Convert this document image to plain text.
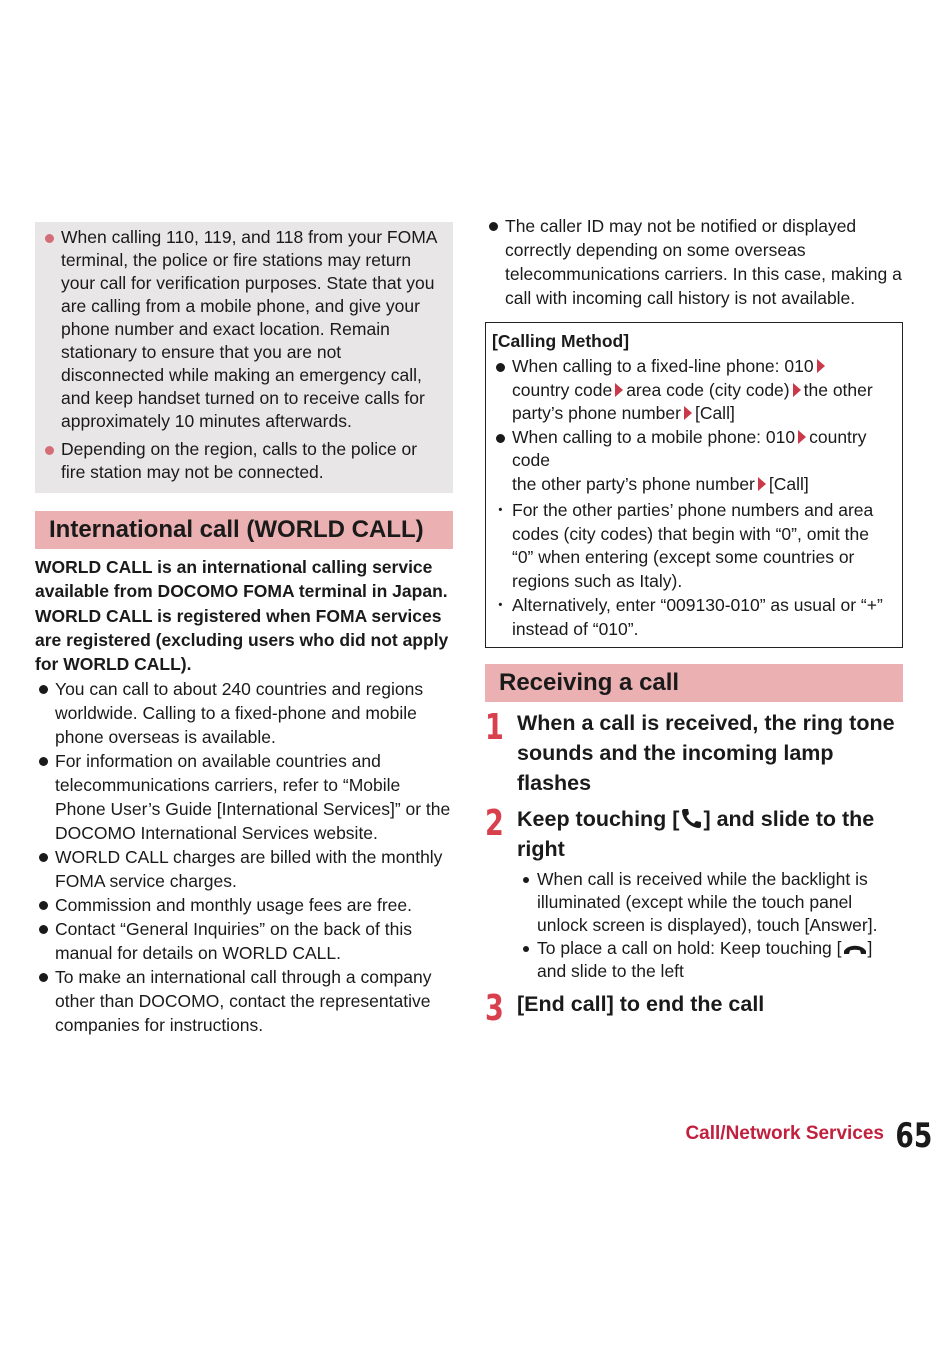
When calling 110, 119, and 118 from your FOMA terminal, the police or fire stations may return your call for verification purposes. State that you are calling from a mobile phone, and give your phone number and exact location. Remain stationary to ensure that you are not disconnected while making an emergency call, and keep handset turned on to receive calls for approximately 10 minutes afterwards.

Depending on the region, calls to the police or fire station may not be connected.

International call (WORLD CALL)

WORLD CALL is an international calling service available from DOCOMO FOMA terminal in Japan.

WORLD CALL is registered when FOMA services are registered (excluding users who did not apply for WORLD CALL).

You can call to about 240 countries and regions worldwide. Calling to a fixed-phone and mobile phone overseas is available.

For information on available countries and telecommunications carriers, refer to “Mobile Phone User’s Guide [International Services]” or the DOCOMO International Services website.

WORLD CALL charges are billed with the monthly FOMA service charges.

Commission and monthly usage fees are free.

Contact “General Inquiries” on the back of this manual for details on WORLD CALL.

To make an international call through a company other than DOCOMO, contact the representative companies for instructions.

The caller ID may not be notified or displayed correctly depending on some overseas telecommunications carriers. In this case, making a call with incoming call history is not available.

[Calling Method]

When calling to a fixed-line phone: 010
country code area code (city code) the other party’s phone number [Call]

When calling to a mobile phone: 010 country code
the other party’s phone number [Call]

･ For the other parties’ phone numbers and area codes (city codes) that begin with “0”, omit the “0” when entering (except some countries or regions such as Italy).

･ Alternatively, enter “009130-010” as usual or “+” instead of “010”.

Receiving a call
1 When a call is received, the ring tone sounds and the incoming lamp flashes
2 Keep touching [ ] and slide to the right

When call is received while the backlight is illuminated (except while the touch panel unlock screen is displayed), touch [Answer].

To place a call on hold: Keep touching [ ] and slide to the left

3 [End call] to end the call
Call/Network Services 65
